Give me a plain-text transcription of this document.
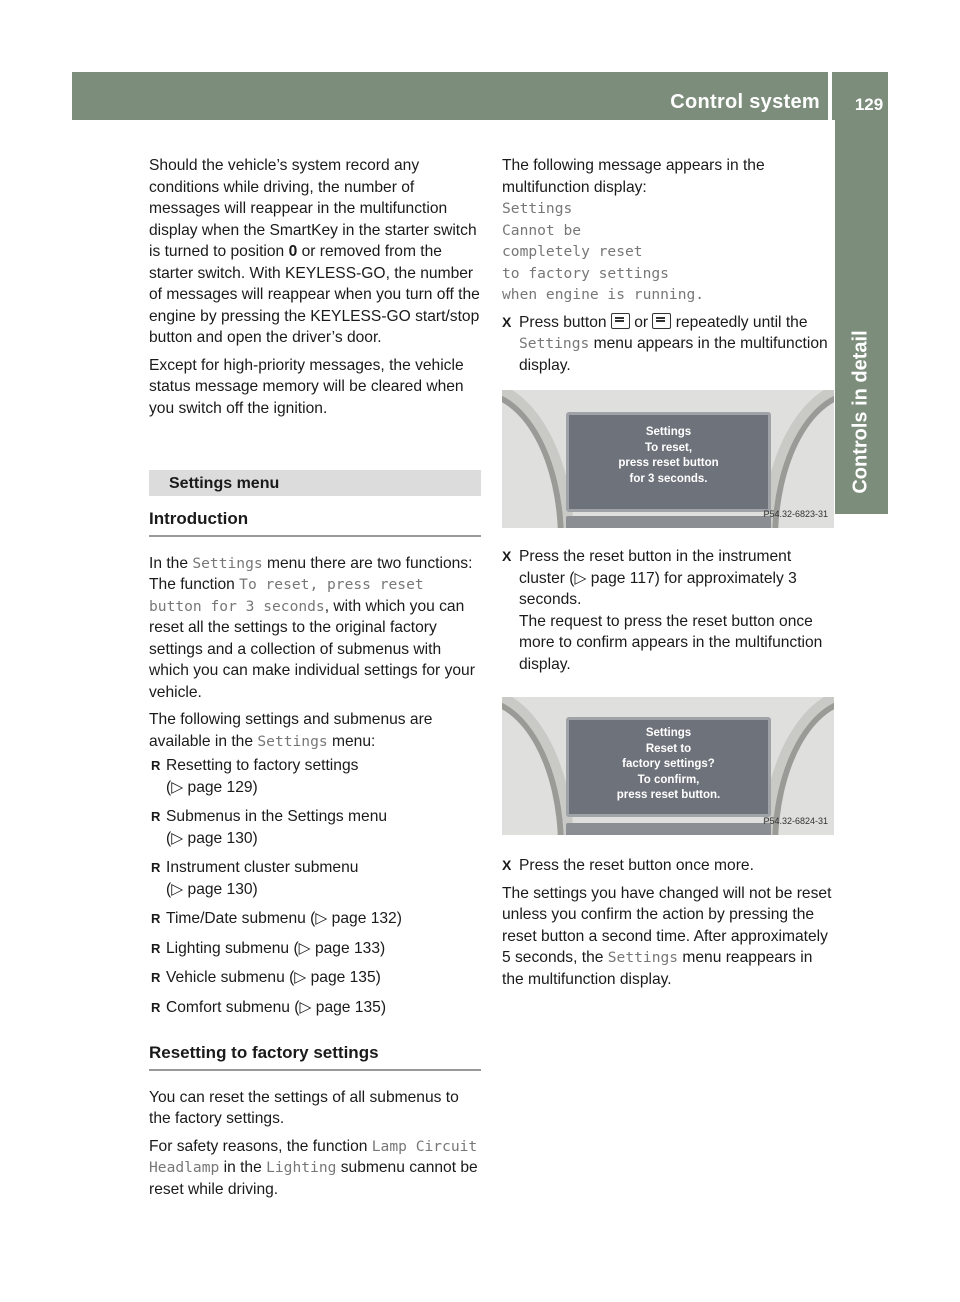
Control system	129
Controls in detail

Should the vehicle’s system record any conditions while driving, the number of messages will reappear in the multifunction display when the SmartKey in the starter switch is turned to position 0 or removed from the starter switch. With KEYLESS-GO, the number of messages will reappear when you turn off the engine by pressing the KEYLESS-GO start/stop button and open the driver’s door.

Except for high-priority messages, the vehicle status message memory will be cleared when you switch off the ignition.

Settings menu
Introduction

In the Settings menu there are two functions: The function To reset, press reset button for 3 seconds, with which you can reset all the settings to the original factory settings and a collection of submenus with which you can make individual settings for your vehicle.

The following settings and submenus are available in the Settings menu:

R Resetting to factory settings
(▷ page 129)
R Submenus in the Settings menu
(▷ page 130)
R Instrument cluster submenu
(▷ page 130)
R Time/Date submenu (▷ page 132)
R Lighting submenu (▷ page 133)
R Vehicle submenu (▷ page 135)
R Comfort submenu (▷ page 135)
Resetting to factory settings

You can reset the settings of all submenus to the factory settings.

For safety reasons, the function Lamp Circuit Headlamp in the Lighting submenu cannot be reset while driving.

The following message appears in the multifunction display:

Settings
Cannot be
completely reset
to factory settings
when engine is running.
X Press button  or  repeatedly until the Settings menu appears in the multifunction display.
Settings
To reset,
press reset button
for 3 seconds.
P54.32-6823-31
X Press the reset button in the instrument cluster (▷ page 117) for approximately 3 seconds.
The request to press the reset button once more to confirm appears in the multifunction display.
Settings
Reset to
factory settings?
To confirm,
press reset button.
P54.32-6824-31
X Press the reset button once more.

The settings you have changed will not be reset unless you confirm the action by pressing the reset button a second time. After approximately 5 seconds, the Settings menu reappears in the multifunction display.
